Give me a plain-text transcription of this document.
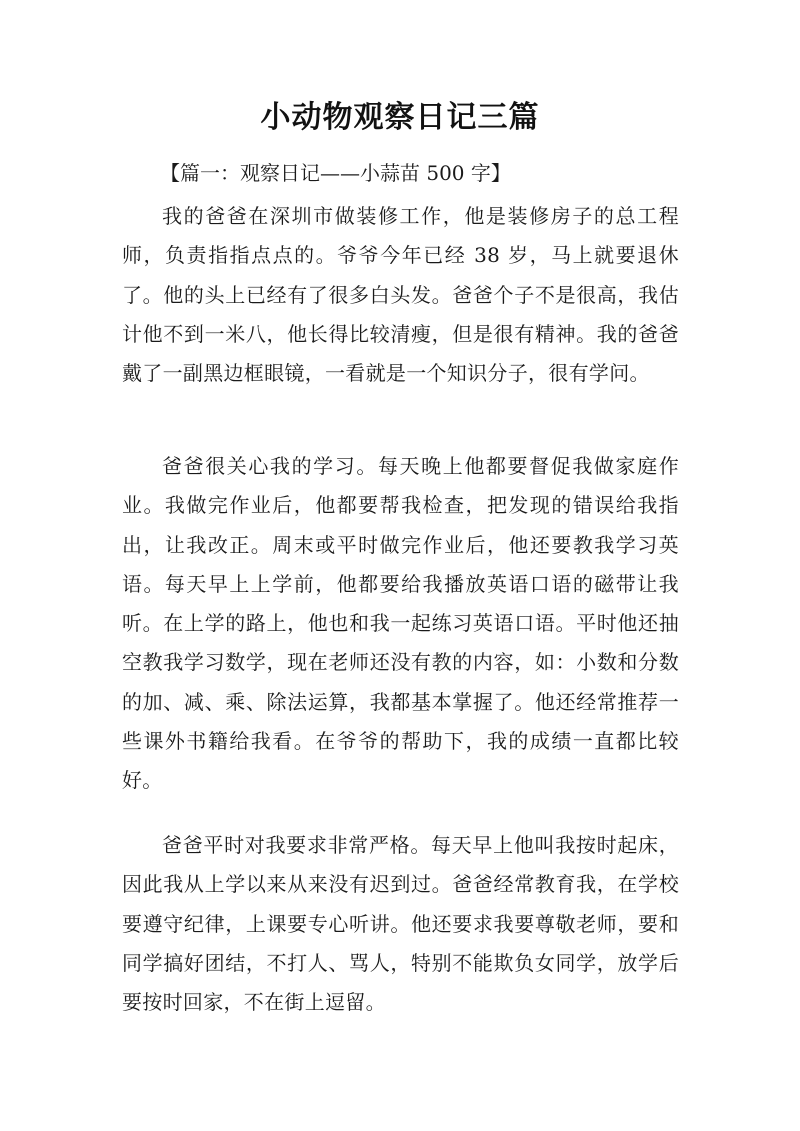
小动物观察日记三篇
【篇一：观察日记——小蒜苗 500 字】

我的爸爸在深圳市做装修工作，他是装修房子的总工程师，负责指指点点的。爷爷今年已经 38 岁，马上就要退休了。他的头上已经有了很多白头发。爸爸个子不是很高，我估计他不到一米八，他长得比较清瘦，但是很有精神。我的爸爸戴了一副黑边框眼镜，一看就是一个知识分子，很有学问。

爸爸很关心我的学习。每天晚上他都要督促我做家庭作业。我做完作业后，他都要帮我检查，把发现的错误给我指出，让我改正。周末或平时做完作业后，他还要教我学习英语。每天早上上学前，他都要给我播放英语口语的磁带让我听。在上学的路上，他也和我一起练习英语口语。平时他还抽空教我学习数学，现在老师还没有教的内容，如：小数和分数的加、减、乘、除法运算，我都基本掌握了。他还经常推荐一些课外书籍给我看。在爷爷的帮助下，我的成绩一直都比较好。

爸爸平时对我要求非常严格。每天早上他叫我按时起床，因此我从上学以来从来没有迟到过。爸爸经常教育我，在学校要遵守纪律，上课要专心听讲。他还要求我要尊敬老师，要和同学搞好团结，不打人、骂人，特别不能欺负女同学，放学后要按时回家，不在街上逗留。
